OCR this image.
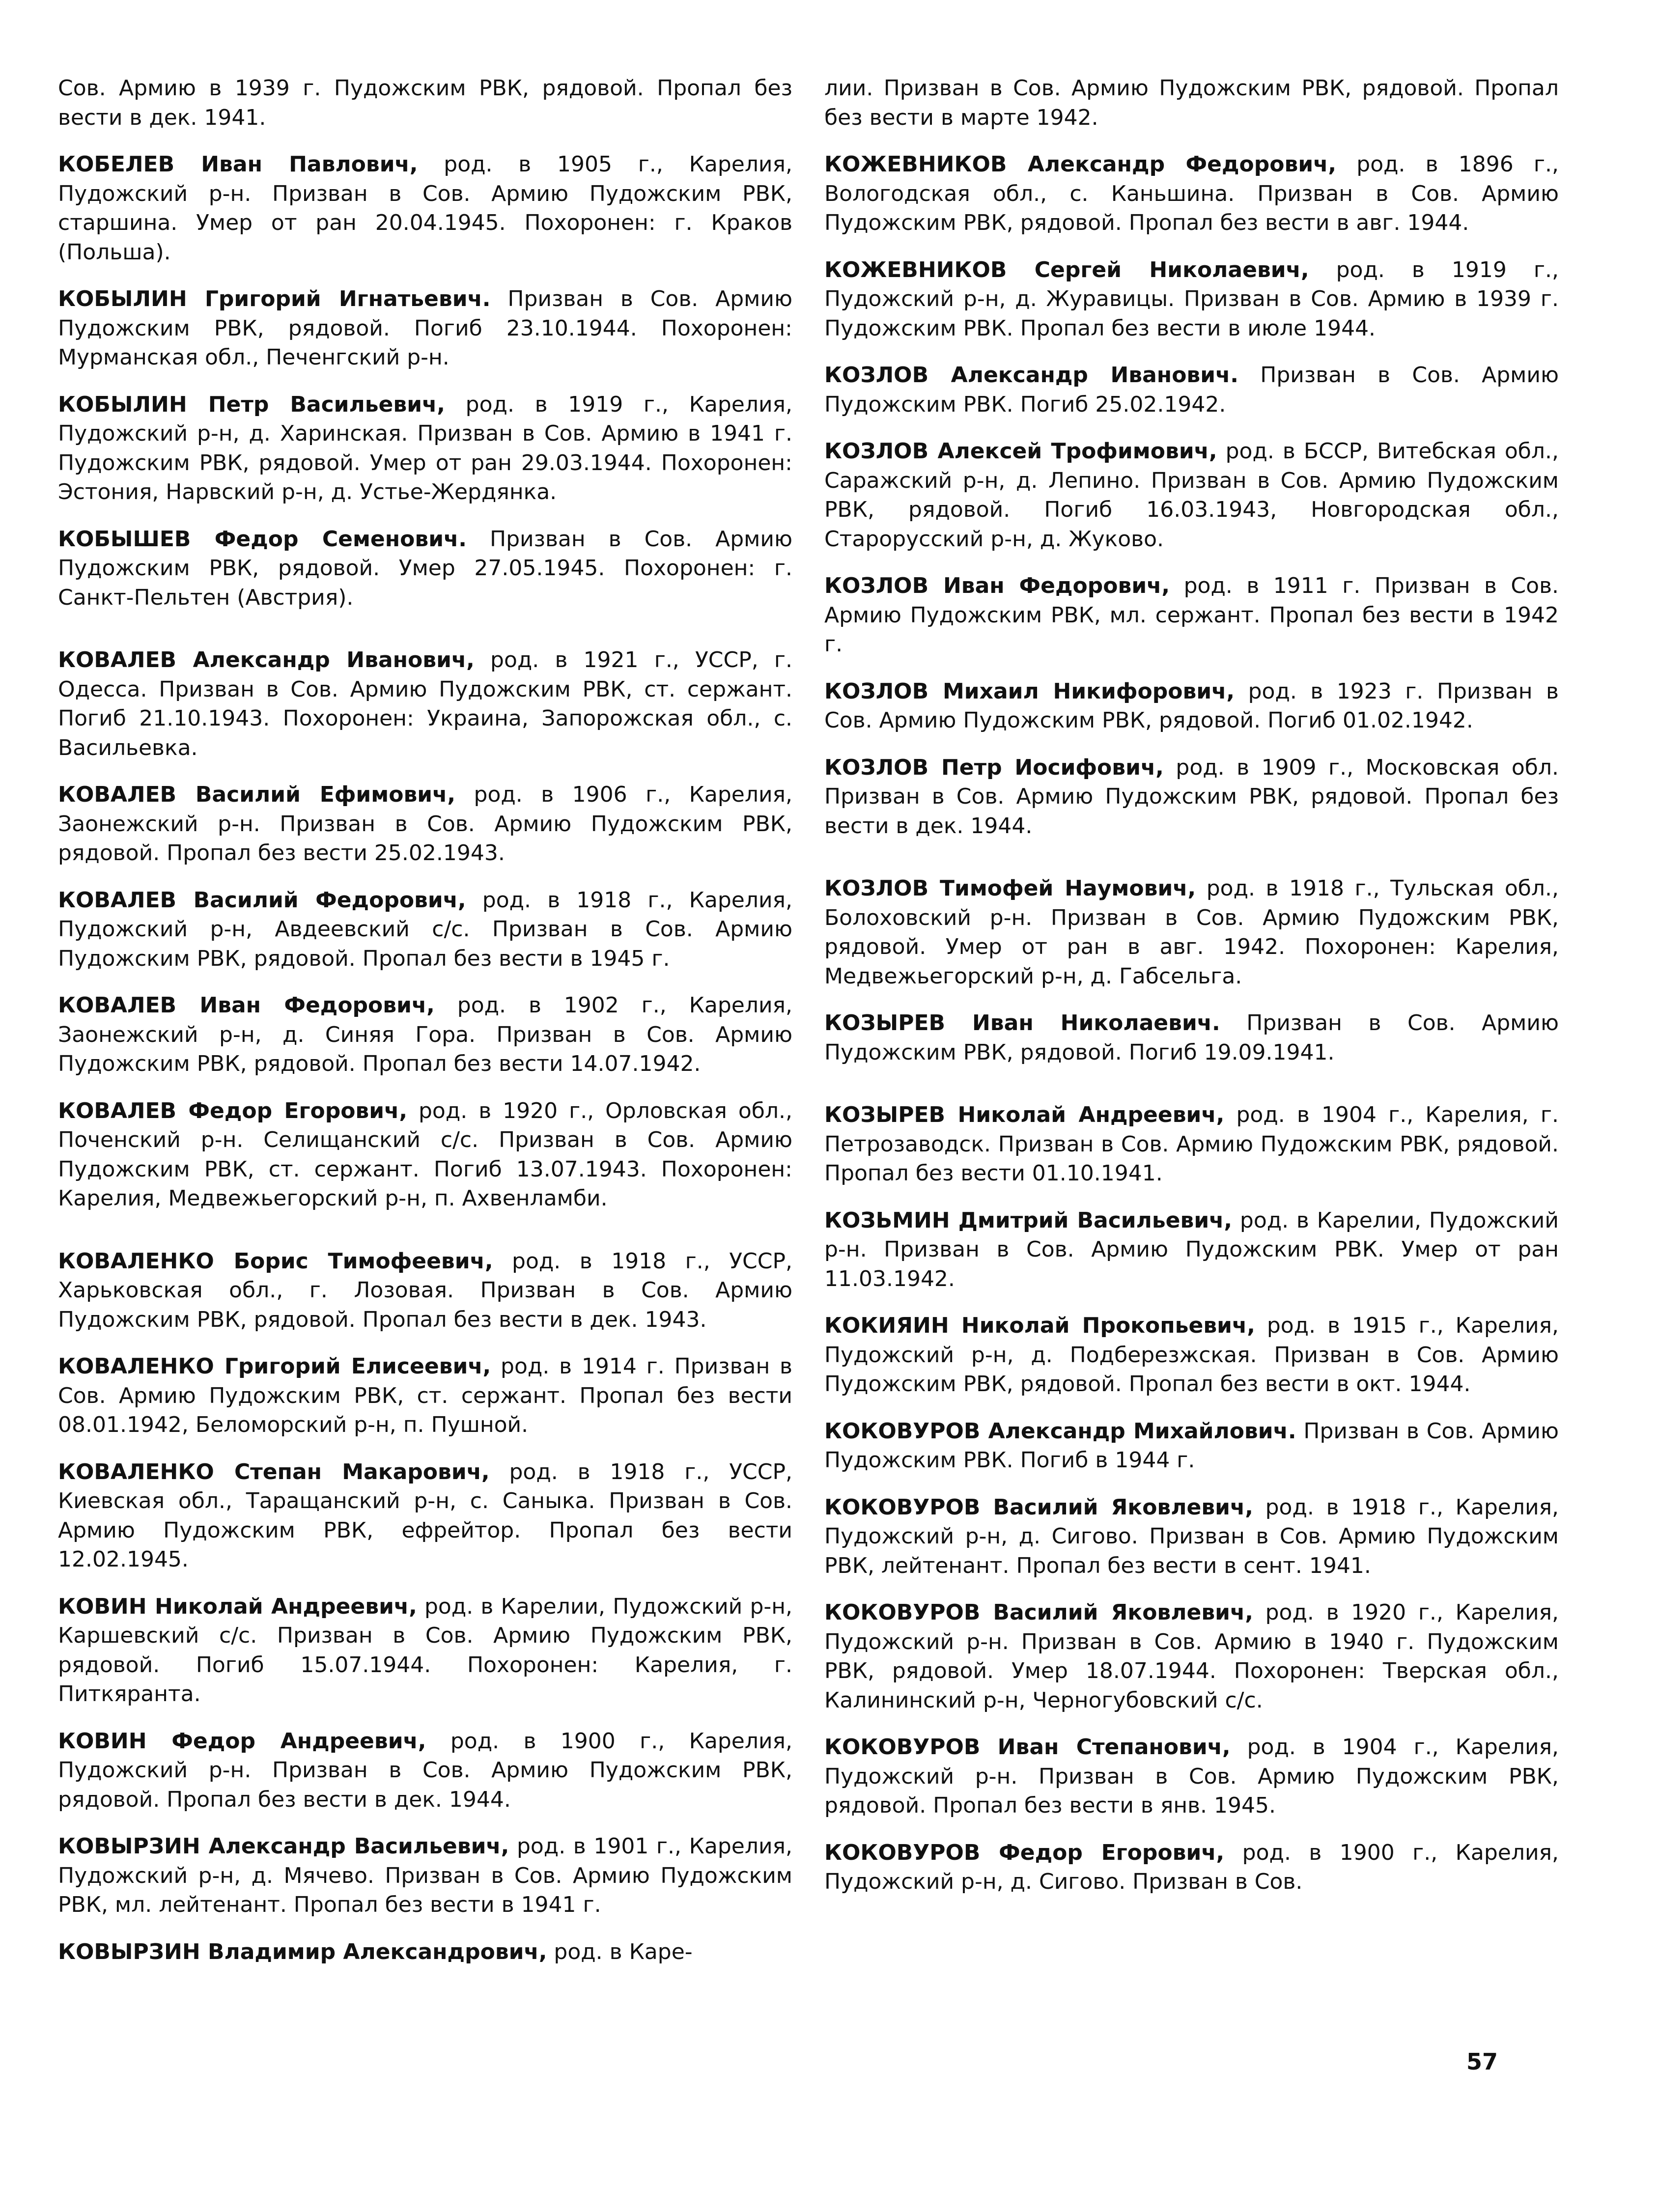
Сов. Армию в 1939 г. Пудожским РВК, рядовой. Пропал без вести в дек. 1941.

КОБЕЛЕВ Иван Павлович, род. в 1905 г., Карелия, Пудожский р-н. Призван в Сов. Армию Пудожским РВК, старшина. Умер от ран 20.04.1945. Похоронен: г. Краков (Польша).

КОБЫЛИН Григорий Игнатьевич. Призван в Сов. Армию Пудожским РВК, рядовой. Погиб 23.10.1944. Похоронен: Мурманская обл., Печенгский р-н.

КОБЫЛИН Петр Васильевич, род. в 1919 г., Карелия, Пудожский р-н, д. Харинская. Призван в Сов. Армию в 1941 г. Пудожским РВК, рядовой. Умер от ран 29.03.1944. Похоронен: Эстония, Нарвский р-н, д. Устье-Жердянка.

КОБЫШЕВ Федор Семенович. Призван в Сов. Армию Пудожским РВК, рядовой. Умер 27.05.1945. Похоронен: г. Санкт-Пельтен (Австрия).

КОВАЛЕВ Александр Иванович, род. в 1921 г., УССР, г. Одесса. Призван в Сов. Армию Пудожским РВК, ст. сержант. Погиб 21.10.1943. Похоронен: Украина, Запорожская обл., с. Васильевка.

КОВАЛЕВ Василий Ефимович, род. в 1906 г., Карелия, Заонежский р-н. Призван в Сов. Армию Пудожским РВК, рядовой. Пропал без вести 25.02.1943.

КОВАЛЕВ Василий Федорович, род. в 1918 г., Карелия, Пудожский р-н, Авдеевский с/с. Призван в Сов. Армию Пудожским РВК, рядовой. Пропал без вести в 1945 г.

КОВАЛЕВ Иван Федорович, род. в 1902 г., Карелия, Заонежский р-н, д. Синяя Гора. Призван в Сов. Армию Пудожским РВК, рядовой. Пропал без вести 14.07.1942.

КОВАЛЕВ Федор Егорович, род. в 1920 г., Орловская обл., Поченский р-н. Селищанский с/с. Призван в Сов. Армию Пудожским РВК, ст. сержант. Погиб 13.07.1943. Похоронен: Карелия, Медвежьегорский р-н, п. Ахвенламби.

КОВАЛЕНКО Борис Тимофеевич, род. в 1918 г., УССР, Харьковская обл., г. Лозовая. Призван в Сов. Армию Пудожским РВК, рядовой. Пропал без вести в дек. 1943.

КОВАЛЕНКО Григорий Елисеевич, род. в 1914 г. Призван в Сов. Армию Пудожским РВК, ст. сержант. Пропал без вести 08.01.1942, Беломорский р-н, п. Пушной.

КОВАЛЕНКО Степан Макарович, род. в 1918 г., УССР, Киевская обл., Таращанский р-н, с. Саныка. Призван в Сов. Армию Пудожским РВК, ефрейтор. Пропал без вести 12.02.1945.

КОВИН Николай Андреевич, род. в Карелии, Пудожский р-н, Каршевский с/с. Призван в Сов. Армию Пудожским РВК, рядовой. Погиб 15.07.1944. Похоронен: Карелия, г. Питкяранта.

КОВИН Федор Андреевич, род. в 1900 г., Карелия, Пудожский р-н. Призван в Сов. Армию Пудожским РВК, рядовой. Пропал без вести в дек. 1944.

КОВЫРЗИН Александр Васильевич, род. в 1901 г., Карелия, Пудожский р-н, д. Мячево. Призван в Сов. Армию Пудожским РВК, мл. лейтенант. Пропал без вести в 1941 г.

КОВЫРЗИН Владимир Александрович, род. в Каре-

лии. Призван в Сов. Армию Пудожским РВК, рядовой. Пропал без вести в марте 1942.

КОЖЕВНИКОВ Александр Федорович, род. в 1896 г., Вологодская обл., с. Каньшина. Призван в Сов. Армию Пудожским РВК, рядовой. Пропал без вести в авг. 1944.

КОЖЕВНИКОВ Сергей Николаевич, род. в 1919 г., Пудожский р-н, д. Журавицы. Призван в Сов. Армию в 1939 г. Пудожским РВК. Пропал без вести в июле 1944.

КОЗЛОВ Александр Иванович. Призван в Сов. Армию Пудожским РВК. Погиб 25.02.1942.

КОЗЛОВ Алексей Трофимович, род. в БССР, Витебская обл., Саражский р-н, д. Лепино. Призван в Сов. Армию Пудожским РВК, рядовой. Погиб 16.03.1943, Новгородская обл., Старорусский р-н, д. Жуково.

КОЗЛОВ Иван Федорович, род. в 1911 г. Призван в Сов. Армию Пудожским РВК, мл. сержант. Пропал без вести в 1942 г.

КОЗЛОВ Михаил Никифорович, род. в 1923 г. Призван в Сов. Армию Пудожским РВК, рядовой. Погиб 01.02.1942.

КОЗЛОВ Петр Иосифович, род. в 1909 г., Московская обл. Призван в Сов. Армию Пудожским РВК, рядовой. Пропал без вести в дек. 1944.

КОЗЛОВ Тимофей Наумович, род. в 1918 г., Тульская обл., Болоховский р-н. Призван в Сов. Армию Пудожским РВК, рядовой. Умер от ран в авг. 1942. Похоронен: Карелия, Медвежьегорский р-н, д. Габсельга.

КОЗЫРЕВ Иван Николаевич. Призван в Сов. Армию Пудожским РВК, рядовой. Погиб 19.09.1941.

КОЗЫРЕВ Николай Андреевич, род. в 1904 г., Карелия, г. Петрозаводск. Призван в Сов. Армию Пудожским РВК, рядовой. Пропал без вести 01.10.1941.

КОЗЬМИН Дмитрий Васильевич, род. в Карелии, Пудожский р-н. Призван в Сов. Армию Пудожским РВК. Умер от ран 11.03.1942.

КОКИЯИН Николай Прокопьевич, род. в 1915 г., Карелия, Пудожский р-н, д. Подберезжская. Призван в Сов. Армию Пудожским РВК, рядовой. Пропал без вести в окт. 1944.

КОКОВУРОВ Александр Михайлович. Призван в Сов. Армию Пудожским РВК. Погиб в 1944 г.

КОКОВУРОВ Василий Яковлевич, род. в 1918 г., Карелия, Пудожский р-н, д. Сигово. Призван в Сов. Армию Пудожским РВК, лейтенант. Пропал без вести в сент. 1941.

КОКОВУРОВ Василий Яковлевич, род. в 1920 г., Карелия, Пудожский р-н. Призван в Сов. Армию в 1940 г. Пудожским РВК, рядовой. Умер 18.07.1944. Похоронен: Тверская обл., Калининский р-н, Черногубовский с/с.

КОКОВУРОВ Иван Степанович, род. в 1904 г., Карелия, Пудожский р-н. Призван в Сов. Армию Пудожским РВК, рядовой. Пропал без вести в янв. 1945.

КОКОВУРОВ Федор Егорович, род. в 1900 г., Карелия, Пудожский р-н, д. Сигово. Призван в Сов.

57
